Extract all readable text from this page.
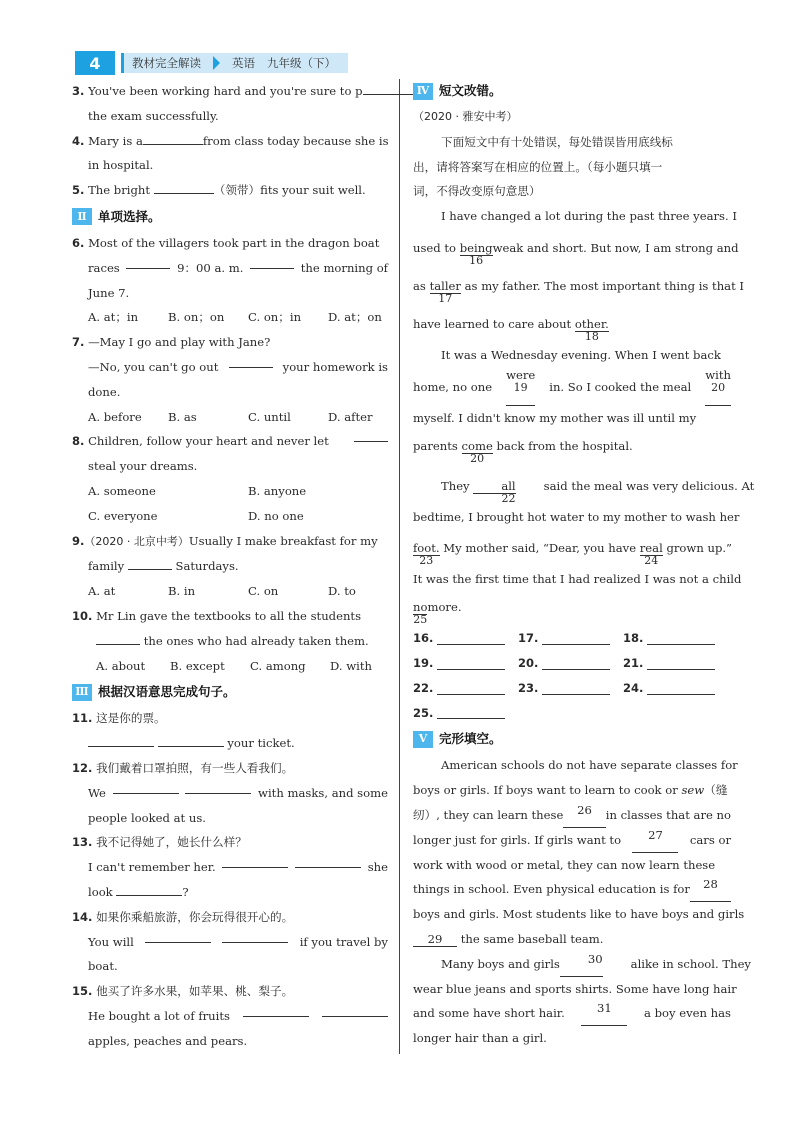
4	教材完全解读	英语 九年级（下）
3. You've been working hard and you're sure to p
the exam successfully.
4. Mary is a	from class today because she is
in hospital.
5. The bright	（领带）fits your suit well.
Ⅱ 单项选择。
6. Most of the villagers took part in the dragon boat
races	9：00 a. m.	the morning of
June 7.
A. at；in	B. on；on	C. on；in	D. at；on
7. —May I go and play with Jane?
—No, you can't go out	your homework is
done.
A. before	B. as	C. until	D. after
8. Children, follow your heart and never let
steal your dreams.
A. someone	B. anyone
C. everyone	D. no one
9.（2020 · 北京中考）Usually I make breakfast for my
family	Saturdays.
A. at	B. in	C. on	D. to
10. Mr Lin gave the textbooks to all the students
the ones who had already taken them.
A. about	B. except	C. among	D. with
Ⅲ 根据汉语意思完成句子。
11. 这是你的票。
your ticket.
12. 我们戴着口罩拍照，有一些人看我们。
We	with masks, and some
people looked at us.
13. 我不记得她了，她长什么样？
I can't remember her.	she
look	?
14. 如果你乘船旅游，你会玩得很开心的。
You will	if you travel by
boat.
15. 他买了许多水果，如苹果、桃、梨子。
He bought a lot of fruits
apples, peaches and pears.
Ⅳ 短文改错。
（2020 · 雅安中考）
下面短文中有十处错误，每处错误皆用底线标
出，请将答案写在相应的位置上。（每小题只填一
词，不得改变原句意思）
I have changed a lot during the past three years. I
used to being
16
weak and short. But now, I am strong and
as taller
17
as my father. The most important thing is that I
have learned to care about other.
18
It was a Wednesday evening. When I went back
home, no one
were
19 in. So I cooked the meal
with
20
myself. I didn't know my mother was ill until my
parents come
20
back from the hospital.
They	all
22
said the meal was very delicious. At
bedtime, I brought hot water to my mother to wash her
foot.
23
My mother said, “Dear, you have real
24
grown up.”
It was the first time that I had realized I was not a child
no
25
more.
16.	17.	18.
19.	20.	21.
22.	23.	24.
25.
Ⅴ 完形填空。
American schools do not have separate classes for
boys or girls. If boys want to learn to cook or sew（缝
纫）, they can learn these	26	in classes that are no
longer just for girls. If girls want to	27	cars or
work with wood or metal, they can now learn these
things in school. Even physical education is for	28
boys and girls. Most students like to have boys and girls
29 the same baseball team.
Many boys and girls	30	alike in school. They
wear blue jeans and sports shirts. Some have long hair
and some have short hair.	31	a boy even has
longer hair than a girl.
